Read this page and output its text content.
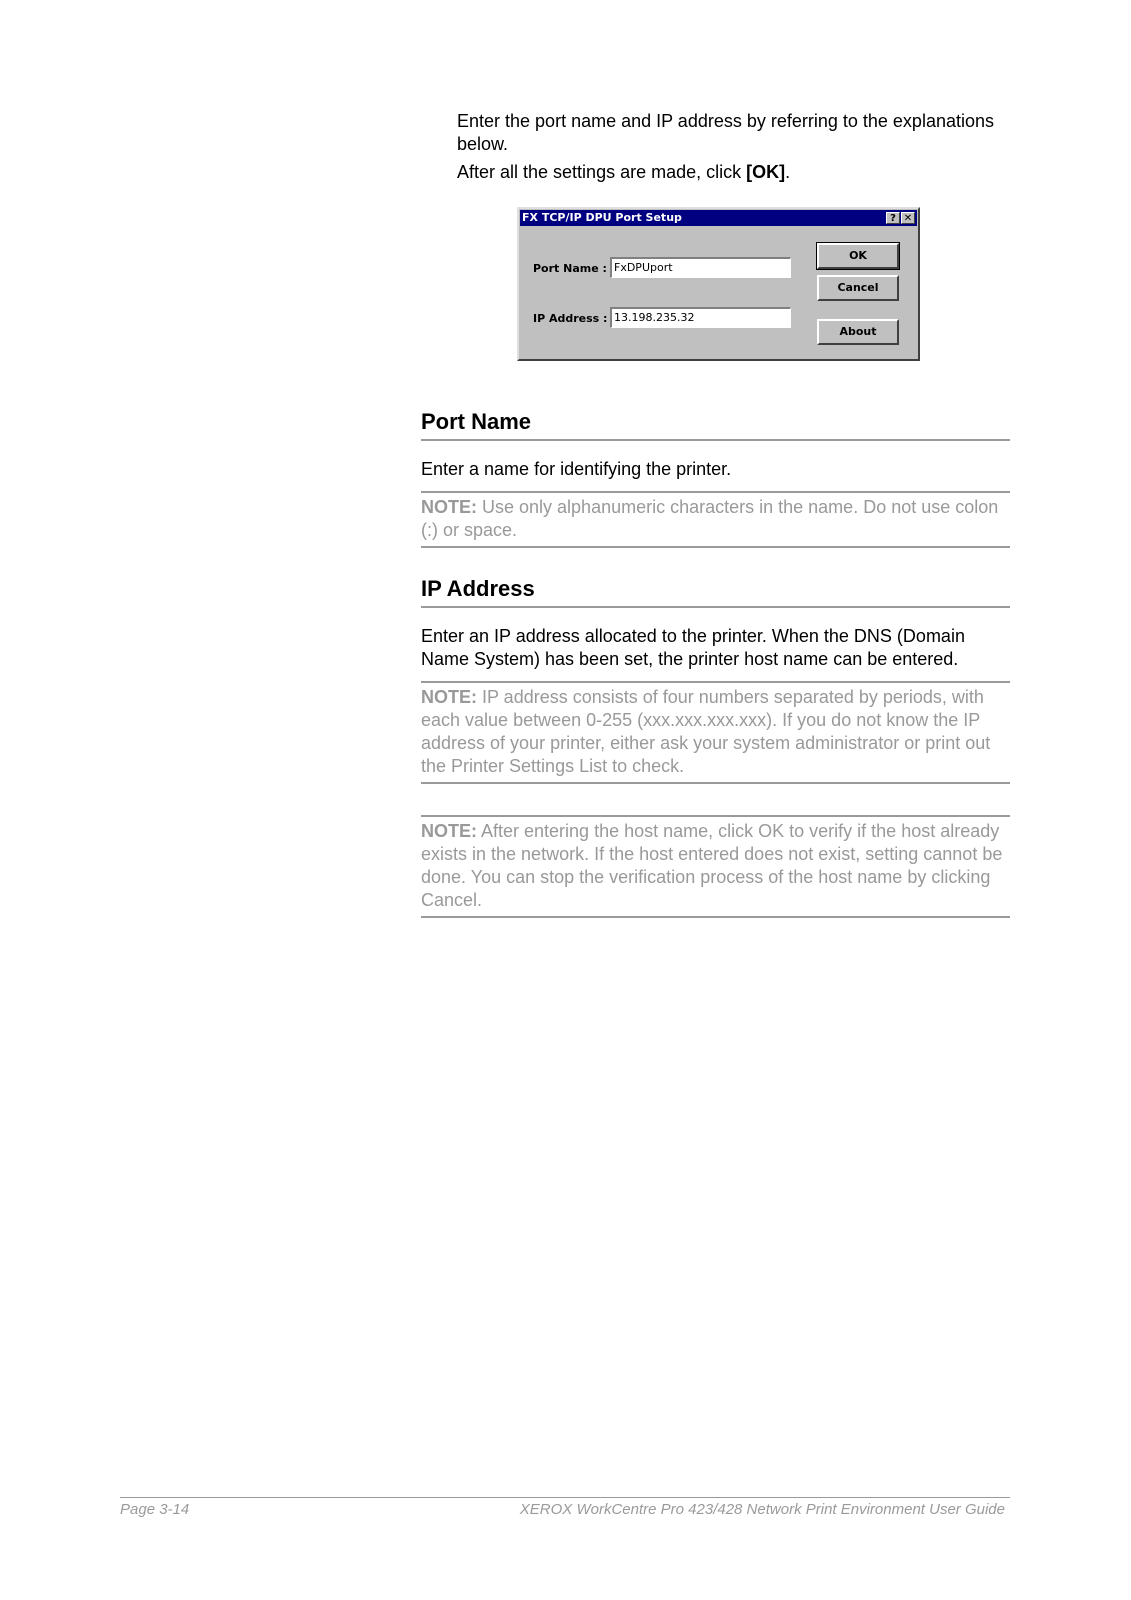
Enter the port name and IP address by referring to the explanations below.

After all the settings are made, click [OK].

FX TCP/IP DPU Port Setup	? ✕
Port Name : FxDPUport
IP Address : 13.198.235.32
OK
Cancel
About
Port Name

Enter a name for identifying the printer.

NOTE: Use only alphanumeric characters in the name. Do not use colon (:) or space.
IP Address

Enter an IP address allocated to the printer. When the DNS (Domain Name System) has been set, the printer host name can be entered.

NOTE: IP address consists of four numbers separated by periods, with each value between 0-255 (xxx.xxx.xxx.xxx). If you do not know the IP address of your printer, either ask your system administrator or print out the Printer Settings List to check.
NOTE: After entering the host name, click OK to verify if the host already exists in the network. If the host entered does not exist, setting cannot be done. You can stop the verification process of the host name by clicking Cancel.
Page 3-14	XEROX WorkCentre Pro 423/428 Network Print Environment User Guide
